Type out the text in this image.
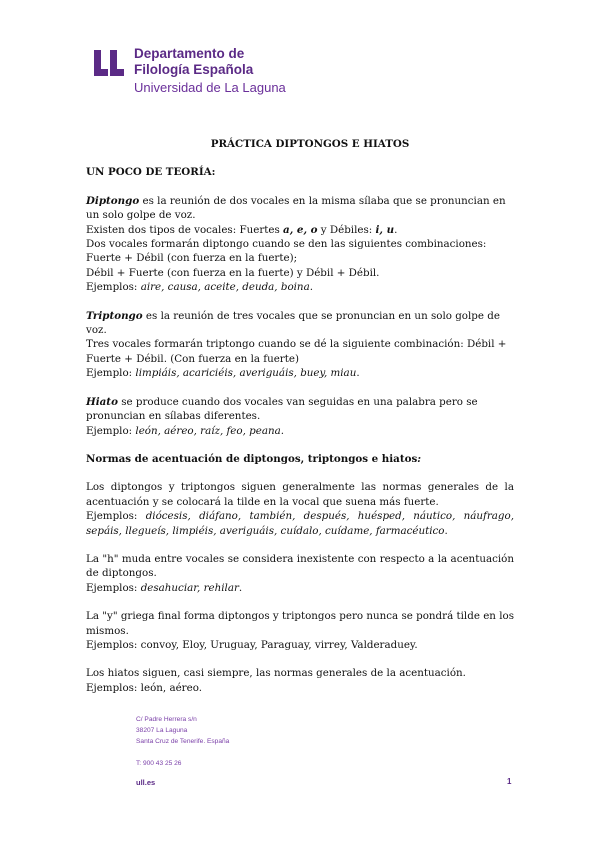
Departamento de
Filología Española
Universidad de La Laguna
PRÁCTICA DIPTONGOS E HIATOS
UN POCO DE TEORÍA:

Diptongo es la reunión de dos vocales en la misma sílaba que se pronuncian en un solo golpe de voz.
Existen dos tipos de vocales: Fuertes a, e, o y Débiles: i, u.
Dos vocales formarán diptongo cuando se den las siguientes combinaciones:
Fuerte + Débil (con fuerza en la fuerte);
Débil + Fuerte (con fuerza en la fuerte) y Débil + Débil.
Ejemplos: aire, causa, aceite, deuda, boina.

Triptongo es la reunión de tres vocales que se pronuncian en un solo golpe de voz.
Tres vocales formarán triptongo cuando se dé la siguiente combinación: Débil + Fuerte + Débil. (Con fuerza en la fuerte)
Ejemplo: limpiáis, acariciéis, averiguáis, buey, miau.

Hiato se produce cuando dos vocales van seguidas en una palabra pero se pronuncian en sílabas diferentes.
Ejemplo: león, aéreo, raíz, feo, peana.

Normas de acentuación de diptongos, triptongos e hiatos:

Los diptongos y triptongos siguen generalmente las normas generales de la acentuación y se colocará la tilde en la vocal que suena más fuerte.
Ejemplos: diócesis, diáfano, también, después, huésped, náutico, náufrago, sepáis, llegueís, limpiéis, averiguáis, cuídalo, cuídame, farmacéutico.

La "h" muda entre vocales se considera inexistente con respecto a la acentuación de diptongos.
Ejemplos: desahuciar, rehilar.

La "y" griega final forma diptongos y triptongos pero nunca se pondrá tilde en los mismos.
Ejemplos: convoy, Eloy, Uruguay, Paraguay, virrey, Valderaduey.

Los hiatos siguen, casi siempre, las normas generales de la acentuación.
Ejemplos: león, aéreo.

C/ Padre Herrera s/n
38207 La Laguna
Santa Cruz de Tenerife. España
T: 900 43 25 26
ull.es	1
